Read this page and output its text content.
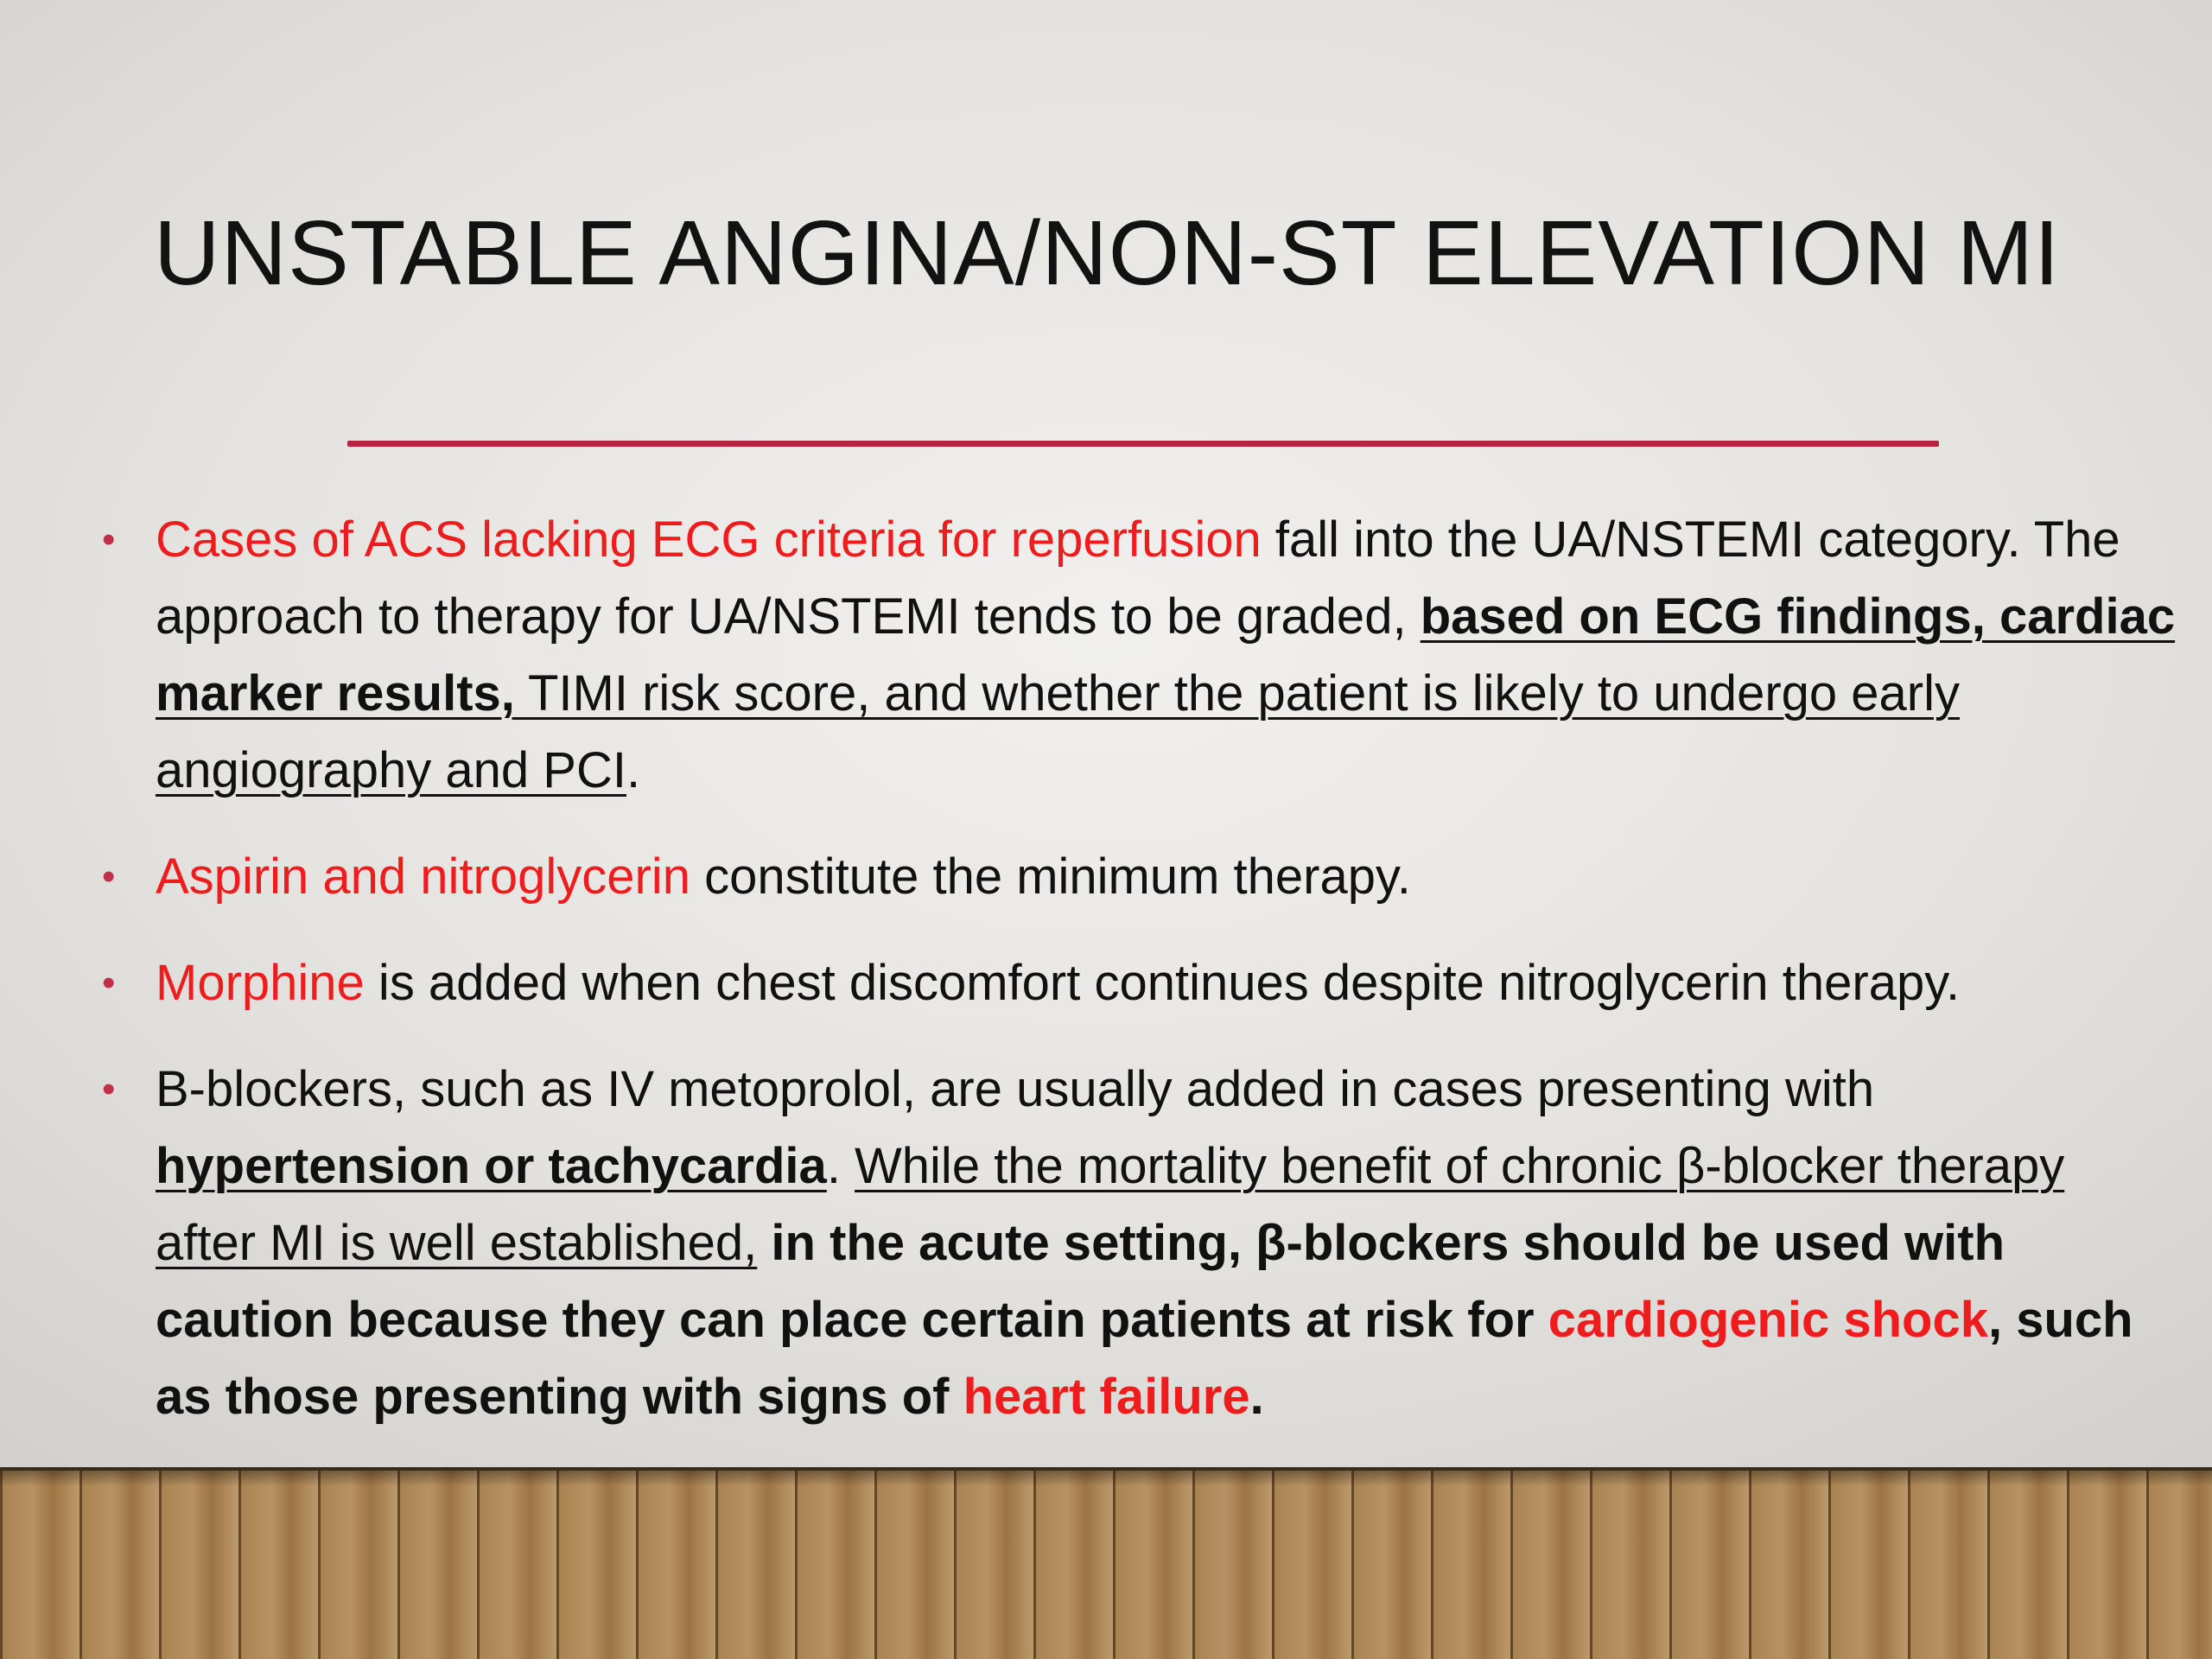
UNSTABLE ANGINA/NON-ST ELEVATION MI
• Cases of ACS lacking ECG criteria for reperfusion fall into the UA/NSTEMI category. The approach to therapy for UA/NSTEMI tends to be graded, based on ECG findings, cardiac marker results, TIMI risk score, and whether the patient is likely to undergo early angiography and PCI.
• Aspirin and nitroglycerin constitute the minimum therapy.
• Morphine is added when chest discomfort continues despite nitroglycerin therapy.
• Β-blockers, such as IV metoprolol, are usually added in cases presenting with hypertension or tachycardia. While the mortality benefit of chronic β-blocker therapy after MI is well established, in the acute setting, β-blockers should be used with caution because they can place certain patients at risk for cardiogenic shock, such as those presenting with signs of heart failure.
